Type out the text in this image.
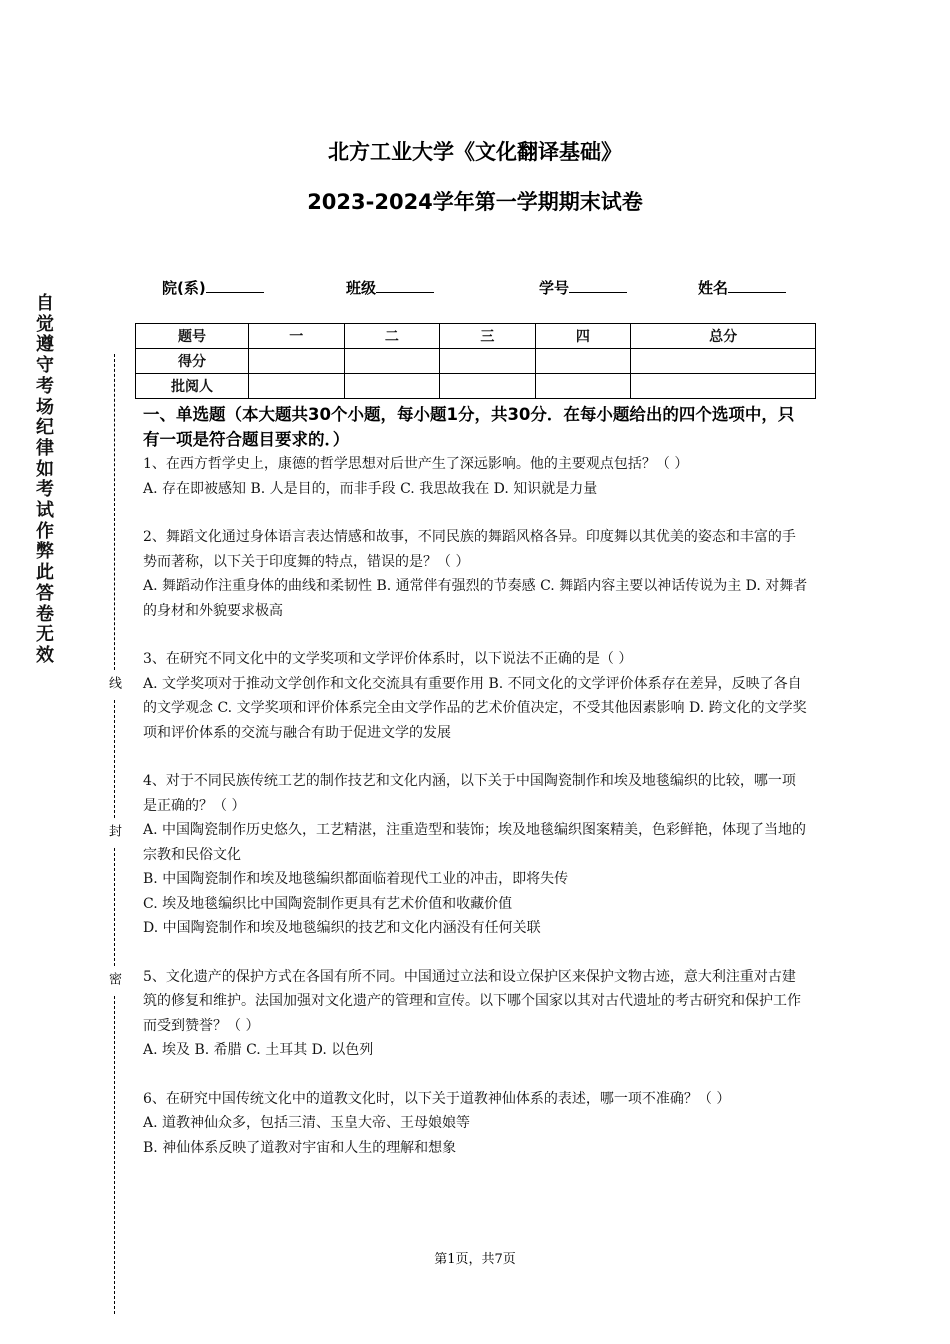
北方工业大学《文化翻译基础》
2023-2024学年第一学期期末试卷
院(系)	班级	学号	姓名
题号	一	二	三	四	总分
得分					
批阅人					
自
觉
遵
守
考
场
纪
律
如
考
试
作
弊
此
答
卷
无
效
线
封
密

一、单选题（本大题共30个小题，每小题1分，共30分．在每小题给出的四个选项中，只有一项是符合题目要求的．）

1、在西方哲学史上，康德的哲学思想对后世产生了深远影响。他的主要观点包括？（ ）

A. 存在即被感知 B. 人是目的，而非手段 C. 我思故我在 D. 知识就是力量

2、舞蹈文化通过身体语言表达情感和故事，不同民族的舞蹈风格各异。印度舞以其优美的姿态和丰富的手势而著称，以下关于印度舞的特点，错误的是？（ ）

A. 舞蹈动作注重身体的曲线和柔韧性 B. 通常伴有强烈的节奏感 C. 舞蹈内容主要以神话传说为主 D. 对舞者的身材和外貌要求极高

3、在研究不同文化中的文学奖项和文学评价体系时，以下说法不正确的是（ ）

A. 文学奖项对于推动文学创作和文化交流具有重要作用 B. 不同文化的文学评价体系存在差异，反映了各自的文学观念 C. 文学奖项和评价体系完全由文学作品的艺术价值决定，不受其他因素影响 D. 跨文化的文学奖项和评价体系的交流与融合有助于促进文学的发展

4、对于不同民族传统工艺的制作技艺和文化内涵，以下关于中国陶瓷制作和埃及地毯编织的比较，哪一项是正确的？（ ）

A. 中国陶瓷制作历史悠久，工艺精湛，注重造型和装饰；埃及地毯编织图案精美，色彩鲜艳，体现了当地的宗教和民俗文化

B. 中国陶瓷制作和埃及地毯编织都面临着现代工业的冲击，即将失传

C. 埃及地毯编织比中国陶瓷制作更具有艺术价值和收藏价值

D. 中国陶瓷制作和埃及地毯编织的技艺和文化内涵没有任何关联

5、文化遗产的保护方式在各国有所不同。中国通过立法和设立保护区来保护文物古迹，意大利注重对古建筑的修复和维护。法国加强对文化遗产的管理和宣传。以下哪个国家以其对古代遗址的考古研究和保护工作而受到赞誉？（ ）

A. 埃及 B. 希腊 C. 土耳其 D. 以色列

6、在研究中国传统文化中的道教文化时，以下关于道教神仙体系的表述，哪一项不准确？（ ）

A. 道教神仙众多，包括三清、玉皇大帝、王母娘娘等

B. 神仙体系反映了道教对宇宙和人生的理解和想象

第1页，共7页
